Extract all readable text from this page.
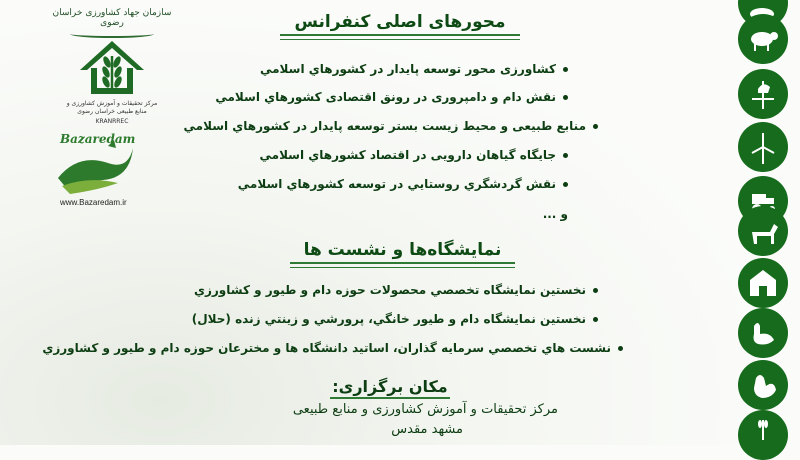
سازمان جهاد کشاورزی خراسان رضوی
مرکز تحقیقات و آموزش کشاورزی و منابع طبیعی خراسان رضوی
KRANRREC
Bazaredam
www.Bazaredam.ir
محورهای اصلی کنفرانس
کشاورزی محور توسعه پایدار در کشورهاي اسلامي
نقش دام و دامپروری در رونق اقتصادی کشورهاي اسلامي
منابع طبیعی و محیط زیست بستر توسعه پایدار در کشورهاي اسلامي
جایگاه گیاهان دارویی در اقتصاد کشورهاي اسلامي
نقش گردشگري روستايي در توسعه کشورهاي اسلامي
و ...
نمایشگاه‌ها و نشست ها
نخستین نمایشگاه تخصصي محصولات حوزه دام و طيور و كشاورزي
نخستين نمايشگاه دام و طيور خانگي، پرورشي و زينتي زنده (حلال)
نشست هاي تخصصي سرمايه گذاران، اساتيد دانشگاه ها و مخترعان حوزه دام و طيور و كشاورزي
مکان برگزاری:
مرکز تحقیقات و آموزش کشاورزی و منابع طبیعی
مشهد مقدس
